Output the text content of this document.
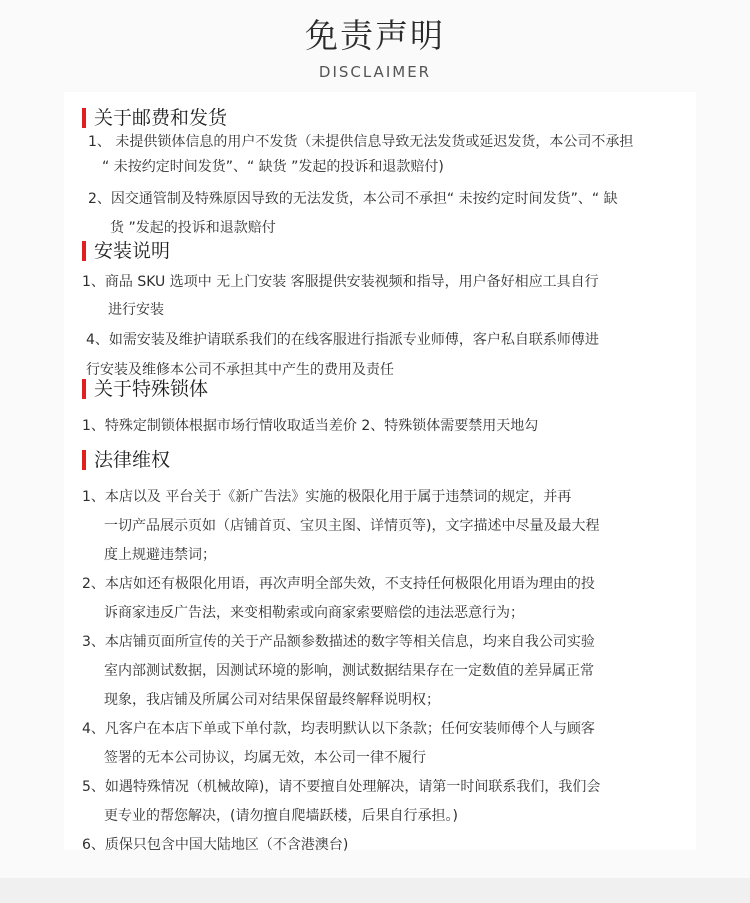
免责声明
DISCLAIMER
关于邮费和发货
1、 未提供锁体信息的用户不发货（未提供信息导致无法发货或延迟发货，本公司不承担
“ 未按约定时间发货”、“ 缺货 ”发起的投诉和退款赔付)
2、因交通管制及特殊原因导致的无法发货，本公司不承担“ 未按约定时间发货”、“ 缺
货 ”发起的投诉和退款赔付
安装说明
1、商品 SKU 选项中 无上门安装 客服提供安装视频和指导，用户备好相应工具自行
进行安装
4、如需安装及维护请联系我们的在线客服进行指派专业师傅，客户私自联系师傅进
行安装及维修本公司不承担其中产生的费用及责任
关于特殊锁体
1、特殊定制锁体根据市场行情收取适当差价 2、特殊锁体需要禁用天地勾
法律维权
1、本店以及 平台关于《新广告法》实施的极限化用于属于违禁词的规定，并再
一切产品展示页如（店铺首页、宝贝主图、详情页等)，文字描述中尽量及最大程
度上规避违禁词；
2、本店如还有极限化用语，再次声明全部失效，不支持任何极限化用语为理由的投
诉商家违反广告法，来变相勒索或向商家索要赔偿的违法恶意行为；
3、本店铺页面所宣传的关于产品额参数描述的数字等相关信息，均来自我公司实验
室内部测试数据，因测试环境的影响，测试数据结果存在一定数值的差异属正常
现象，我店铺及所属公司对结果保留最终解释说明权；
4、凡客户在本店下单或下单付款，均表明默认以下条款；任何安装师傅个人与顾客
签署的无本公司协议，均属无效，本公司一律不履行
5、如遇特殊情况（机械故障)，请不要擅自处理解决，请第一时间联系我们，我们会
更专业的帮您解决，(请勿擅自爬墙跃楼，后果自行承担。)
6、质保只包含中国大陆地区（不含港澳台)
